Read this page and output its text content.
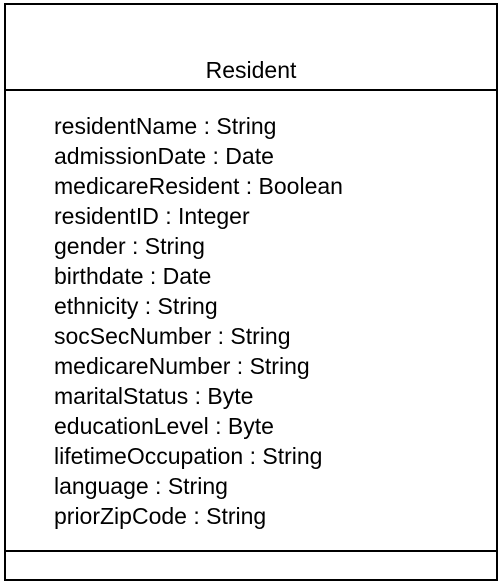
Resident
residentName : String
admissionDate : Date
medicareResident : Boolean
residentID : Integer
gender : String
birthdate : Date
ethnicity : String
socSecNumber : String
medicareNumber : String
maritalStatus : Byte
educationLevel : Byte
lifetimeOccupation : String
language : String
priorZipCode : String
